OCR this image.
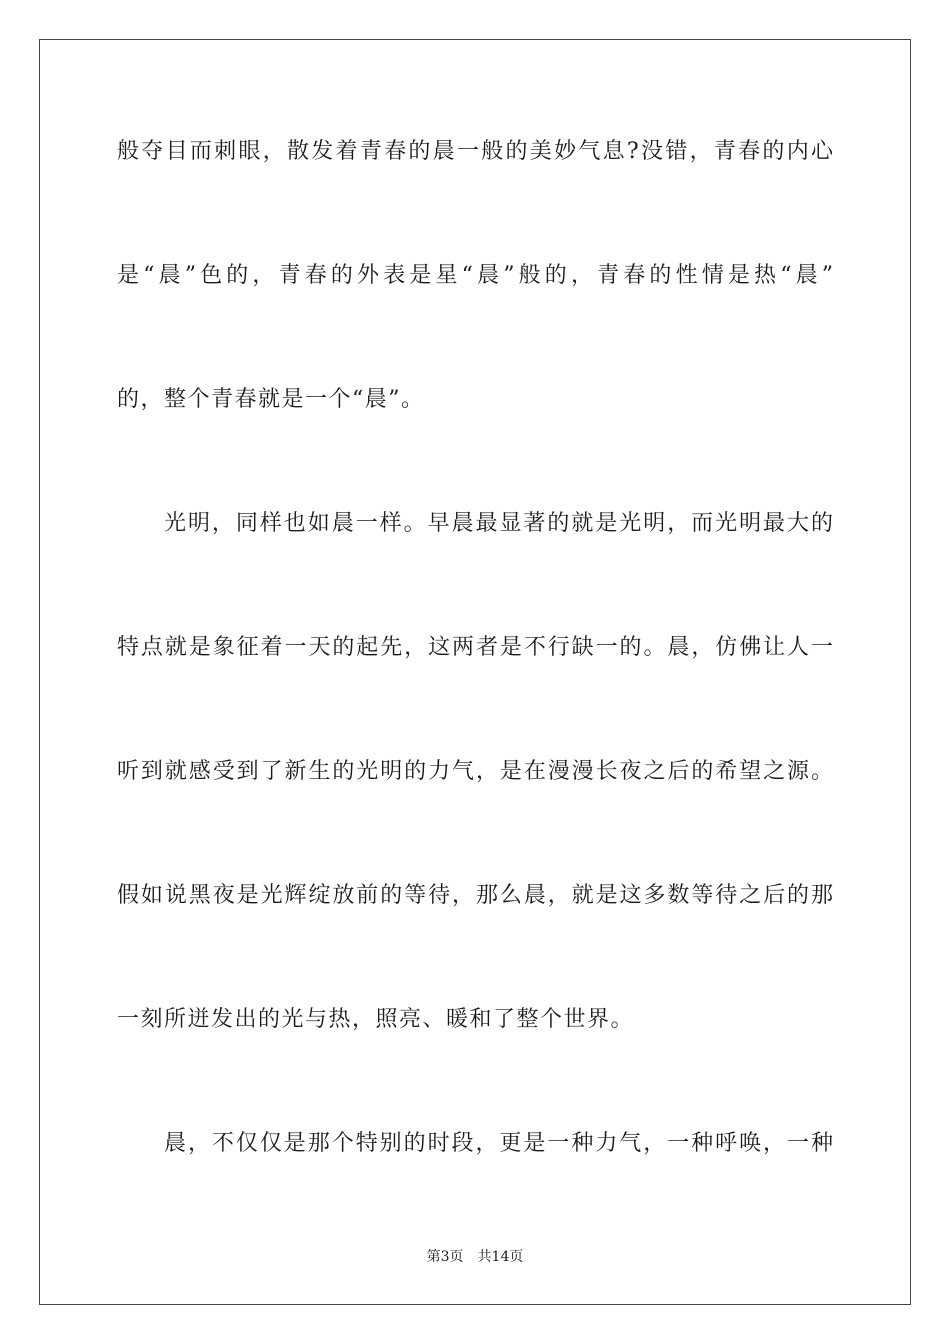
般夺目而刺眼，散发着青春的晨一般的美妙气息?没错，青春的内心
是“晨”色的，青春的外表是星“晨”般的，青春的性情是热“晨”
的，整个青春就是一个“晨”。
光明，同样也如晨一样。早晨最显著的就是光明，而光明最大的
特点就是象征着一天的起先，这两者是不行缺一的。晨，仿佛让人一
听到就感受到了新生的光明的力气，是在漫漫长夜之后的希望之源。
假如说黑夜是光辉绽放前的等待，那么晨，就是这多数等待之后的那
一刻所迸发出的光与热，照亮、暖和了整个世界。
晨，不仅仅是那个特别的时段，更是一种力气，一种呼唤，一种
第3页 共14页
